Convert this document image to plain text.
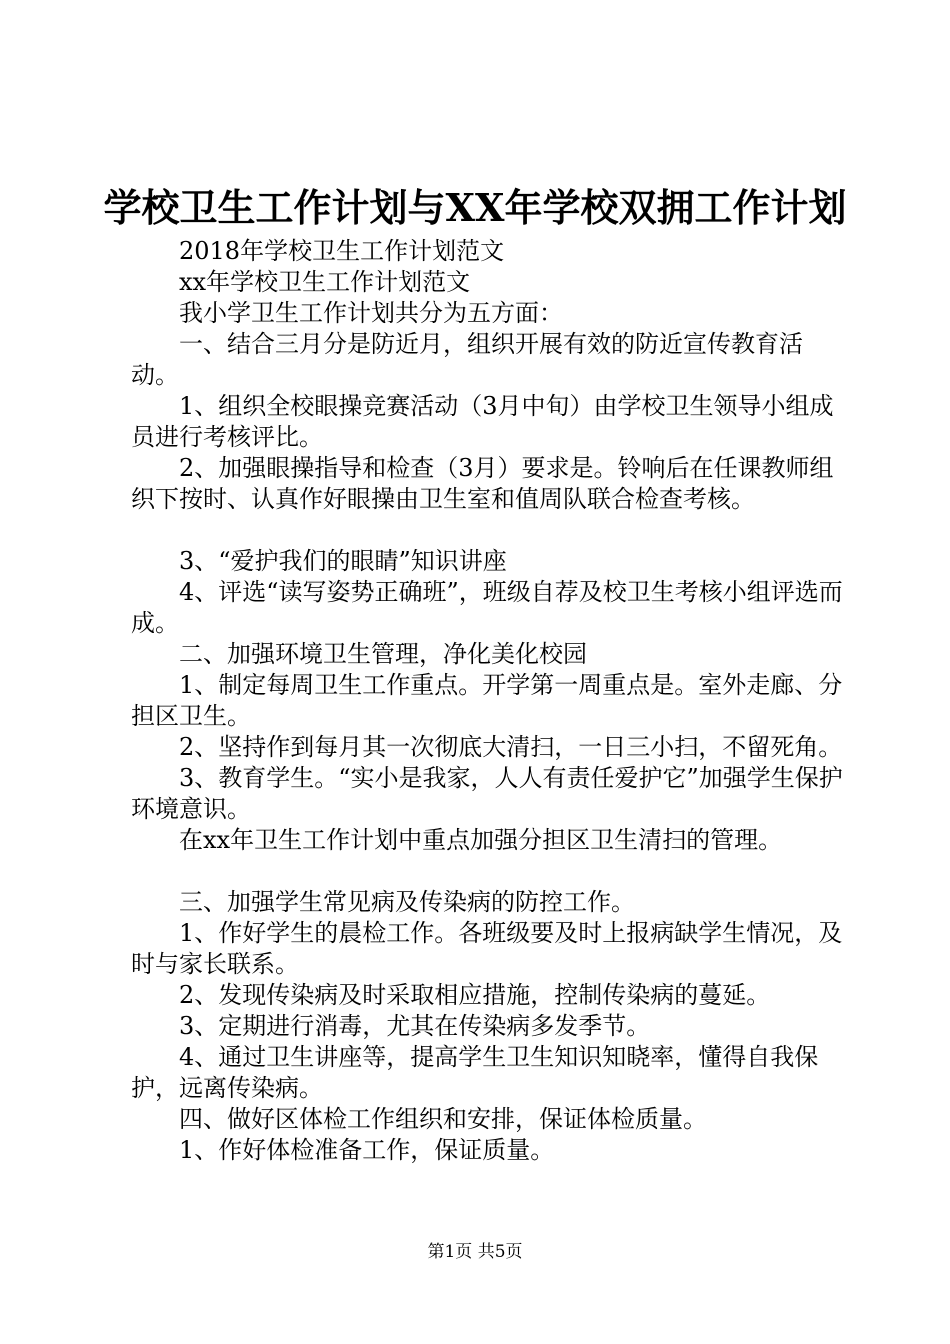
学校卫生工作计划与XX年学校双拥工作计划

2018年学校卫生工作计划范文

xx年学校卫生工作计划范文

我小学卫生工作计划共分为五方面：

一、结合三月分是防近月，组织开展有效的防近宣传教育活动。

1、组织全校眼操竞赛活动（3月中旬）由学校卫生领导小组成员进行考核评比。

2、加强眼操指导和检查（3月）要求是。铃响后在任课教师组织下按时、认真作好眼操由卫生室和值周队联合检查考核。

3、“爱护我们的眼睛”知识讲座

4、评选“读写姿势正确班”，班级自荐及校卫生考核小组评选而成。

二、加强环境卫生管理，净化美化校园

1、制定每周卫生工作重点。开学第一周重点是。室外走廊、分担区卫生。

2、坚持作到每月其一次彻底大清扫，一日三小扫，不留死角。

3、教育学生。“实小是我家，人人有责任爱护它”加强学生保护环境意识。

在xx年卫生工作计划中重点加强分担区卫生清扫的管理。

三、加强学生常见病及传染病的防控工作。

1、作好学生的晨检工作。各班级要及时上报病缺学生情况，及时与家长联系。

2、发现传染病及时采取相应措施，控制传染病的蔓延。

3、定期进行消毒，尤其在传染病多发季节。

4、通过卫生讲座等，提高学生卫生知识知晓率，懂得自我保护，远离传染病。

四、做好区体检工作组织和安排，保证体检质量。

1、作好体检准备工作，保证质量。

第1页 共5页
